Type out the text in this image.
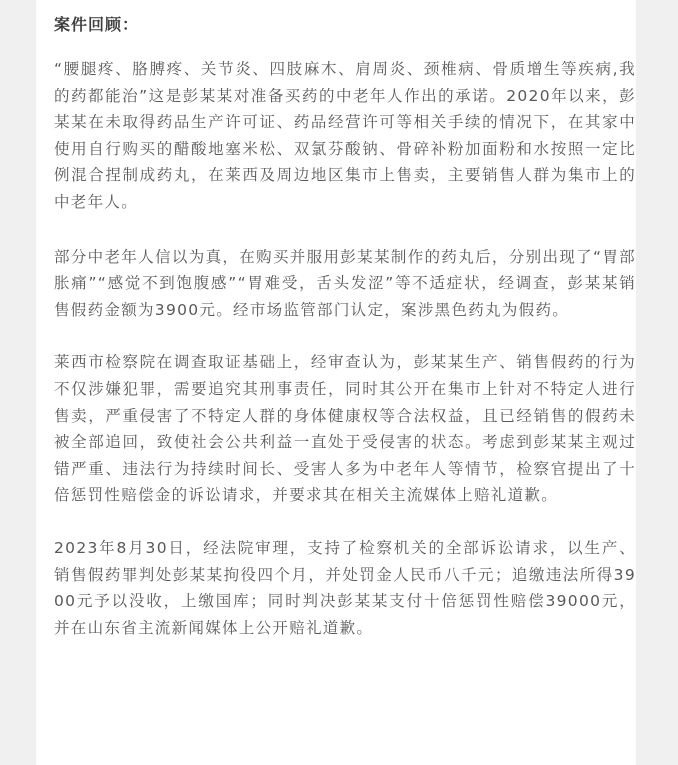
案件回顾：

“腰腿疼、胳膊疼、关节炎、四肢麻木、肩周炎、颈椎病、骨质增生等疾病,我的药都能治”这是彭某某对准备买药的中老年人作出的承诺。2020年以来，彭某某在未取得药品生产许可证、药品经营许可等相关手续的情况下，在其家中使用自行购买的醋酸地塞米松、双氯芬酸钠、骨碎补粉加面粉和水按照一定比例混合捏制成药丸，在莱西及周边地区集市上售卖，主要销售人群为集市上的中老年人。

部分中老年人信以为真，在购买并服用彭某某制作的药丸后，分别出现了“胃部胀痛”“感觉不到饱腹感”“胃难受，舌头发涩”等不适症状，经调查，彭某某销售假药金额为3900元。经市场监管部门认定，案涉黑色药丸为假药。

莱西市检察院在调查取证基础上，经审查认为，彭某某生产、销售假药的行为不仅涉嫌犯罪，需要追究其刑事责任，同时其公开在集市上针对不特定人进行售卖，严重侵害了不特定人群的身体健康权等合法权益，且已经销售的假药未被全部追回，致使社会公共利益一直处于受侵害的状态。考虑到彭某某主观过错严重、违法行为持续时间长、受害人多为中老年人等情节，检察官提出了十倍惩罚性赔偿金的诉讼请求，并要求其在相关主流媒体上赔礼道歉。

2023年8月30日，经法院审理，支持了检察机关的全部诉讼请求，以生产、销售假药罪判处彭某某拘役四个月，并处罚金人民币八千元；追缴违法所得3900元予以没收，上缴国库；同时判决彭某某支付十倍惩罚性赔偿39000元，并在山东省主流新闻媒体上公开赔礼道歉。
